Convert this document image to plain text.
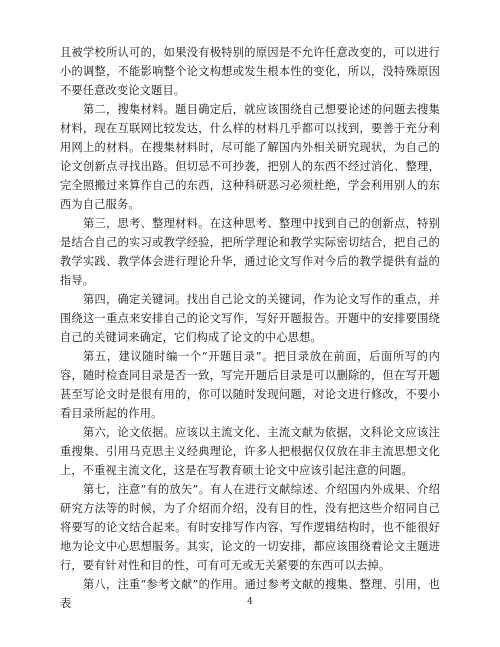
且被学校所认可的，如果没有极特别的原因是不允许任意改变的，可以进行小的调整，不能影响整个论文构想或发生根本性的变化，所以，没特殊原因不要任意改变论文题目。

第二，搜集材料。题目确定后，就应该围绕自己想要论述的问题去搜集材料，现在互联网比较发达，什么样的材料几乎都可以找到，要善于充分利用网上的材料。在搜集材料时，尽可能了解国内外相关研究现状，为自己的论文创新点寻找出路。但切忌不可抄袭，把别人的东西不经过消化、整理，完全照搬过来算作自己的东西，这种科研恶习必须杜绝，学会利用别人的东西为自己服务。

第三，思考、整理材料。在这种思考、整理中找到自己的创新点，特别是结合自己的实习或教学经验，把所学理论和教学实际密切结合，把自己的教学实践、教学体会进行理论升华，通过论文写作对今后的教学提供有益的指导。

第四，确定关键词。找出自己论文的关键词，作为论文写作的重点，并围绕这一重点来安排自己的论文写作，写好开题报告。开题中的安排要围绕自己的关键词来确定，它们构成了论文的中心思想。

第五，建议随时编一个“开题目录”。把目录放在前面，后面所写的内容，随时检查同目录是否一致，写完开题后目录是可以删除的，但在写开题甚至写论文时是很有用的，你可以随时发现问题，对论文进行修改，不要小看目录所起的作用。

第六，论文依据。应该以主流文化、主流文献为依据，文科论文应该注重搜集、引用马克思主义经典理论，许多人把根据仅仅放在非主流思想文化上，不重视主流文化，这是在写教育硕士论文中应该引起注意的问题。

第七，注意“有的放矢”。有人在进行文献综述、介绍国内外成果、介绍研究方法等的时候，为了介绍而介绍，没有目的性，没有把这些介绍同自己将要写的论文结合起来。有时安排写作内容、写作逻辑结构时，也不能很好地为论文中心思想服务。其实，论文的一切安排，都应该围绕着论文主题进行，要有针对性和目的性，可有可无或无关紧要的东西可以去掉。

第八，注重“参考文献”的作用。通过参考文献的搜集、整理、引用，也表	4
